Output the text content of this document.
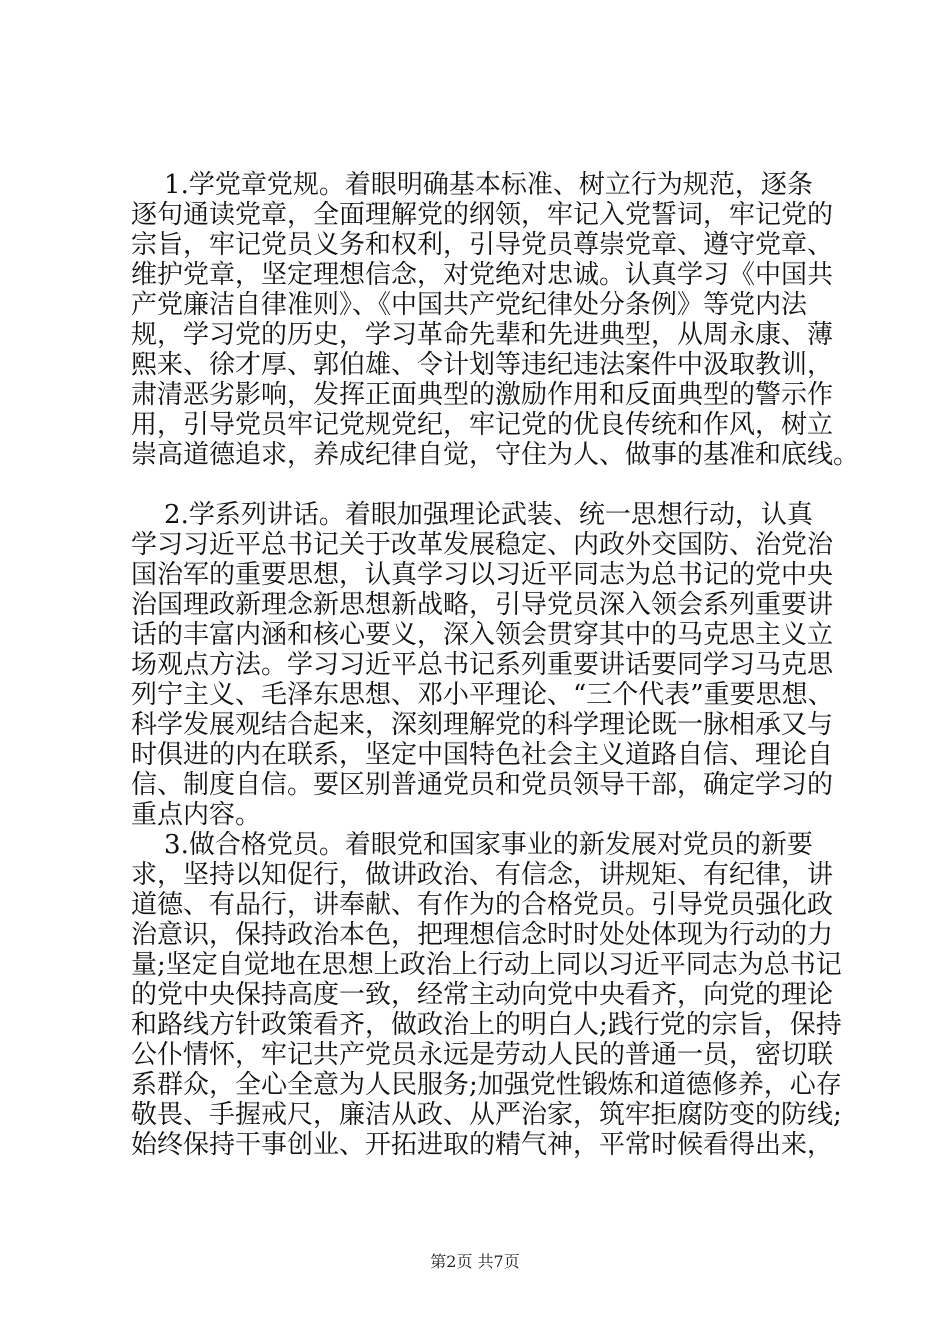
1.学党章党规。着眼明确基本标准、树立行为规范，逐条
逐句通读党章，全面理解党的纲领，牢记入党誓词，牢记党的
宗旨，牢记党员义务和权利，引导党员尊崇党章、遵守党章、
维护党章，坚定理想信念，对党绝对忠诚。认真学习《中国共
产党廉洁自律准则》、《中国共产党纪律处分条例》等党内法
规，学习党的历史，学习革命先辈和先进典型，从周永康、薄
熙来、徐才厚、郭伯雄、令计划等违纪违法案件中汲取教训，
肃清恶劣影响，发挥正面典型的激励作用和反面典型的警示作
用，引导党员牢记党规党纪，牢记党的优良传统和作风，树立
崇高道德追求，养成纪律自觉，守住为人、做事的基准和底线。
2.学系列讲话。着眼加强理论武装、统一思想行动，认真
学习习近平总书记关于改革发展稳定、内政外交国防、治党治
国治军的重要思想，认真学习以习近平同志为总书记的党中央
治国理政新理念新思想新战略，引导党员深入领会系列重要讲
话的丰富内涵和核心要义，深入领会贯穿其中的马克思主义立
场观点方法。学习习近平总书记系列重要讲话要同学习马克思
列宁主义、毛泽东思想、邓小平理论、“三个代表”重要思想、
科学发展观结合起来，深刻理解党的科学理论既一脉相承又与
时俱进的内在联系，坚定中国特色社会主义道路自信、理论自
信、制度自信。要区别普通党员和党员领导干部，确定学习的
重点内容。
3.做合格党员。着眼党和国家事业的新发展对党员的新要
求，坚持以知促行，做讲政治、有信念，讲规矩、有纪律，讲
道德、有品行，讲奉献、有作为的合格党员。引导党员强化政
治意识，保持政治本色，把理想信念时时处处体现为行动的力
量;坚定自觉地在思想上政治上行动上同以习近平同志为总书记
的党中央保持高度一致，经常主动向党中央看齐，向党的理论
和路线方针政策看齐，做政治上的明白人;践行党的宗旨，保持
公仆情怀，牢记共产党员永远是劳动人民的普通一员，密切联
系群众，全心全意为人民服务;加强党性锻炼和道德修养，心存
敬畏、手握戒尺，廉洁从政、从严治家，筑牢拒腐防变的防线;
始终保持干事创业、开拓进取的精气神，平常时候看得出来，
第2页 共7页
